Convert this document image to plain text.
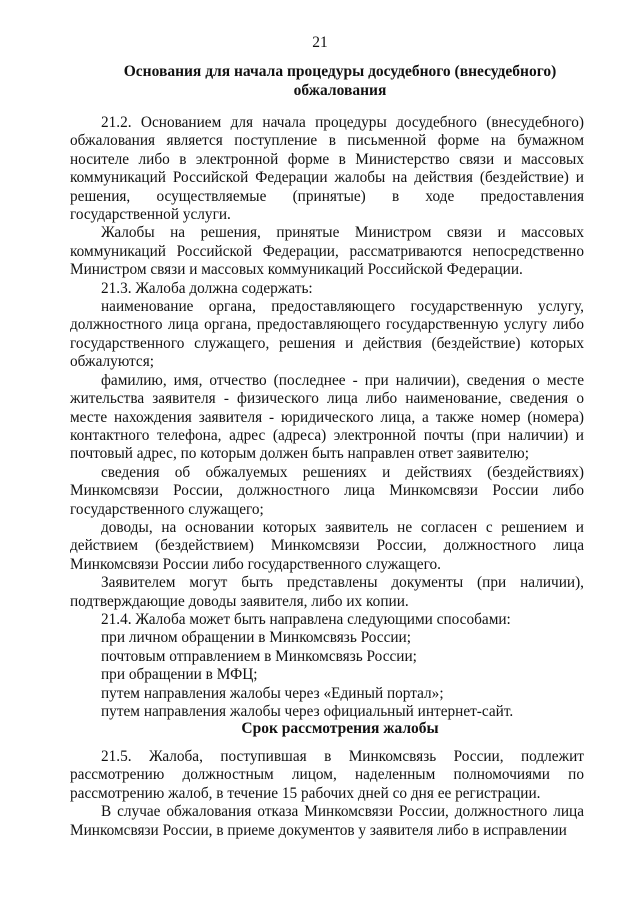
21
Основания для начала процедуры досудебного (внесудебного) обжалования

21.2. Основанием для начала процедуры досудебного (внесудебного) обжалования является поступление в письменной форме на бумажном носителе либо в электронной форме в Министерство связи и массовых коммуникаций Российской Федерации жалобы на действия (бездействие) и решения, осуществляемые (принятые) в ходе предоставления государственной услуги.

Жалобы на решения, принятые Министром связи и массовых коммуникаций Российской Федерации, рассматриваются непосредственно Министром связи и массовых коммуникаций Российской Федерации.

21.3. Жалоба должна содержать:

наименование органа, предоставляющего государственную услугу, должностного лица органа, предоставляющего государственную услугу либо государственного служащего, решения и действия (бездействие) которых обжалуются;

фамилию, имя, отчество (последнее - при наличии), сведения о месте жительства заявителя - физического лица либо наименование, сведения о месте нахождения заявителя - юридического лица, а также номер (номера) контактного телефона, адрес (адреса) электронной почты (при наличии) и почтовый адрес, по которым должен быть направлен ответ заявителю;

сведения об обжалуемых решениях и действиях (бездействиях) Минкомсвязи России, должностного лица Минкомсвязи России либо государственного служащего;

доводы, на основании которых заявитель не согласен с решением и действием (бездействием) Минкомсвязи России, должностного лица Минкомсвязи России либо государственного служащего.

Заявителем могут быть представлены документы (при наличии), подтверждающие доводы заявителя, либо их копии.

21.4. Жалоба может быть направлена следующими способами:

при личном обращении в Минкомсвязь России;

почтовым отправлением в Минкомсвязь России;

при обращении в МФЦ;

путем направления жалобы через «Единый портал»;

путем направления жалобы через официальный интернет-сайт.

Срок рассмотрения жалобы

21.5. Жалоба, поступившая в Минкомсвязь России, подлежит рассмотрению должностным лицом, наделенным полномочиями по рассмотрению жалоб, в течение 15 рабочих дней со дня ее регистрации.

В случае обжалования отказа Минкомсвязи России, должностного лица Минкомсвязи России, в приеме документов у заявителя либо в исправлении
